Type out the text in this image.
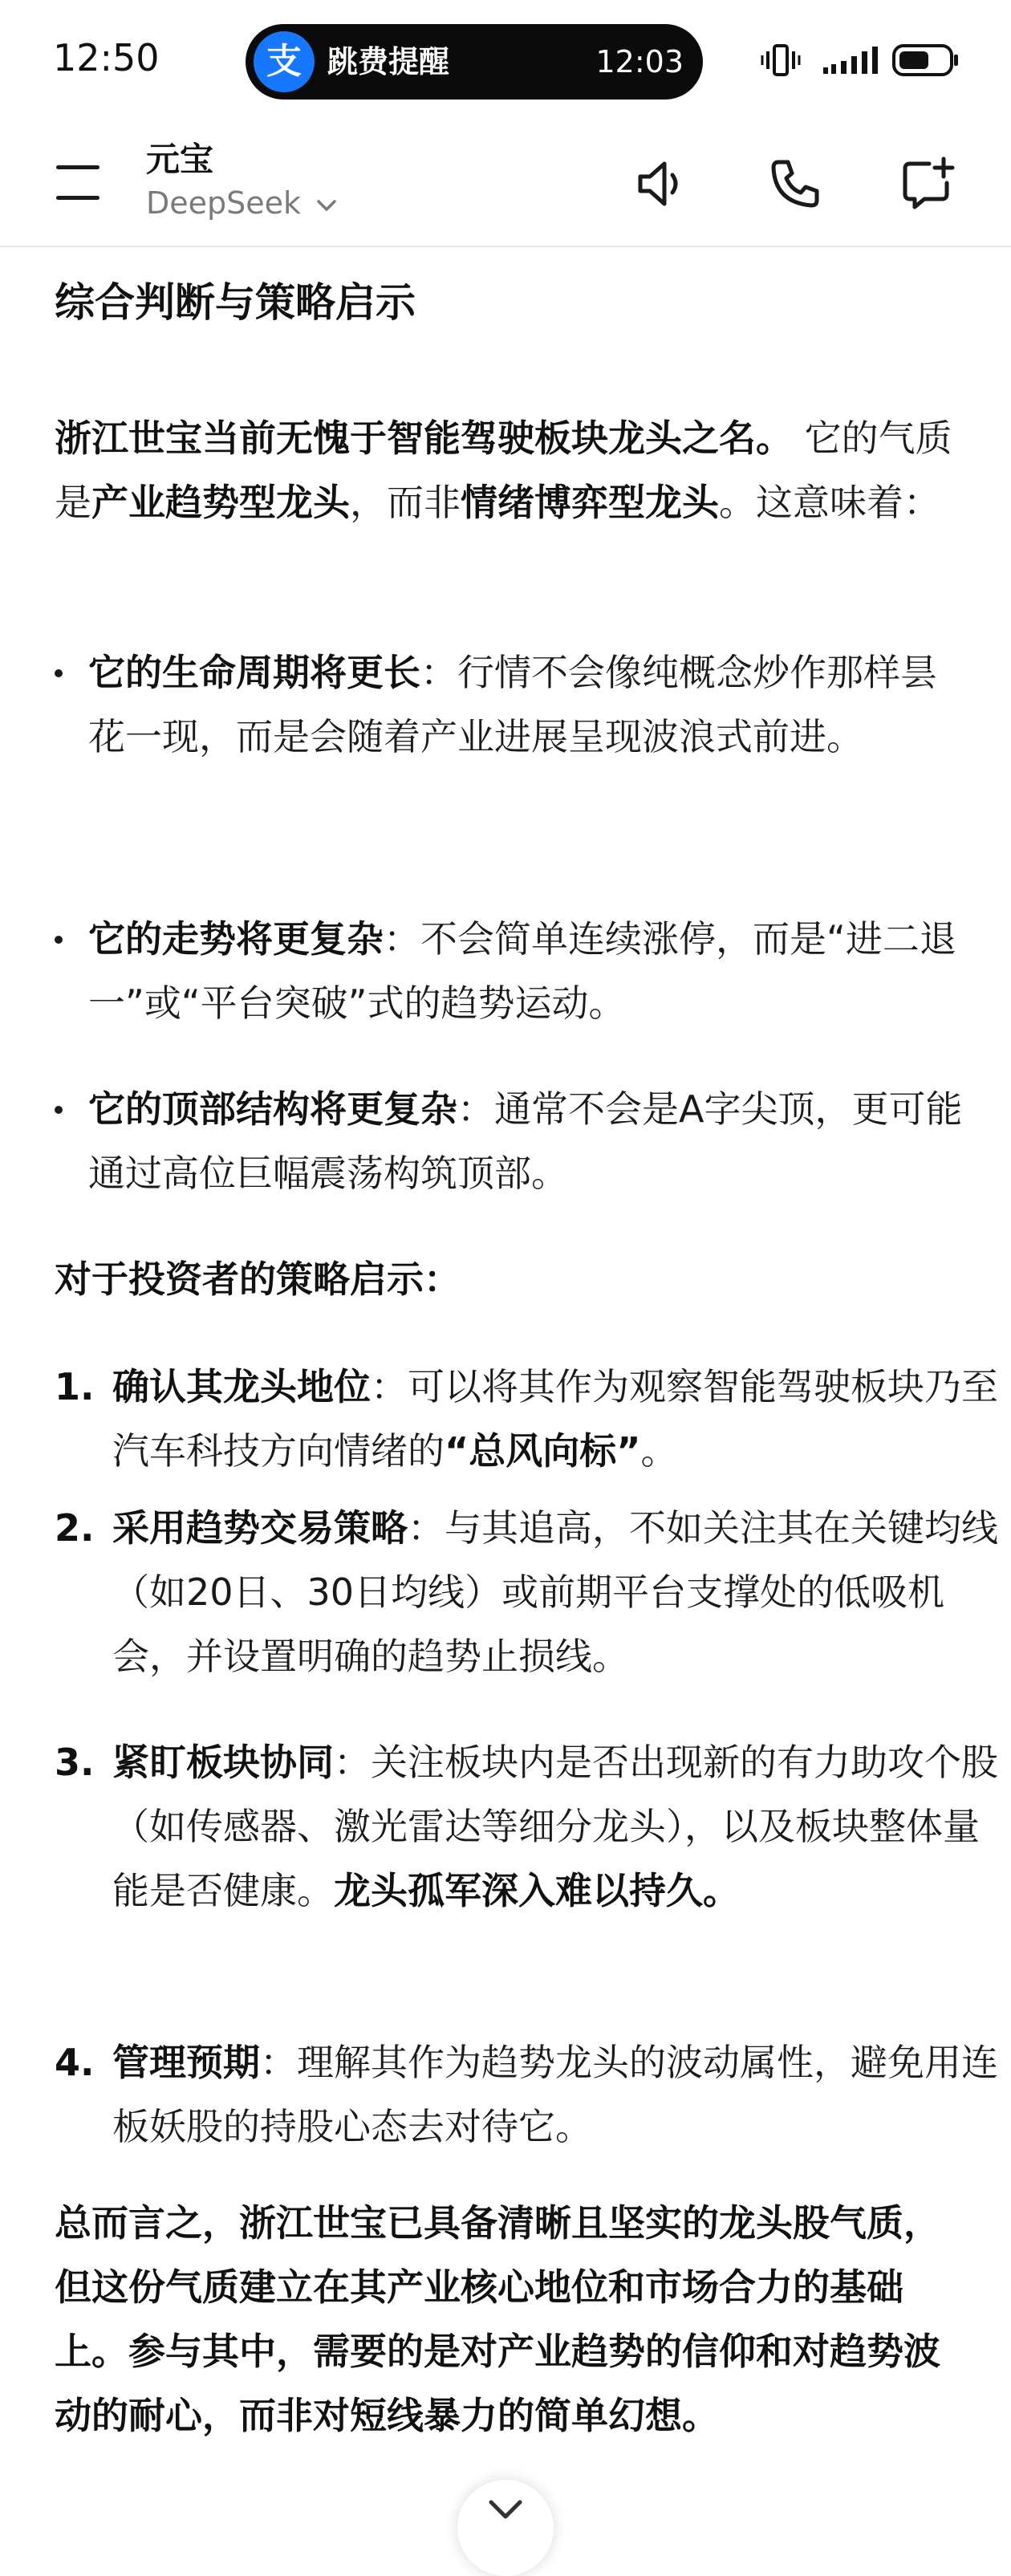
12:50	支 跳费提醒	12:03
元宝
DeepSeek
综合判断与策略启示
浙江世宝当前无愧于智能驾驶板块龙头之名。 它的气质是产业趋势型龙头，而非情绪博弈型龙头。这意味着：
它的生命周期将更长：行情不会像纯概念炒作那样昙花一现，而是会随着产业进展呈现波浪式前进。
它的走势将更复杂：不会简单连续涨停，而是“进二退一”或“平台突破”式的趋势运动。
它的顶部结构将更复杂：通常不会是A字尖顶，更可能通过高位巨幅震荡构筑顶部。
对于投资者的策略启示：
1. 确认其龙头地位：可以将其作为观察智能驾驶板块乃至汽车科技方向情绪的“总风向标”。
2. 采用趋势交易策略：与其追高，不如关注其在关键均线（如20日、30日均线）或前期平台支撑处的低吸机会，并设置明确的趋势止损线。
3. 紧盯板块协同：关注板块内是否出现新的有力助攻个股（如传感器、激光雷达等细分龙头），以及板块整体量能是否健康。龙头孤军深入难以持久。
4. 管理预期：理解其作为趋势龙头的波动属性，避免用连板妖股的持股心态去对待它。
总而言之，浙江世宝已具备清晰且坚实的龙头股气质，但这份气质建立在其产业核心地位和市场合力的基础上。参与其中，需要的是对产业趋势的信仰和对趋势波动的耐心，而非对短线暴力的简单幻想。
